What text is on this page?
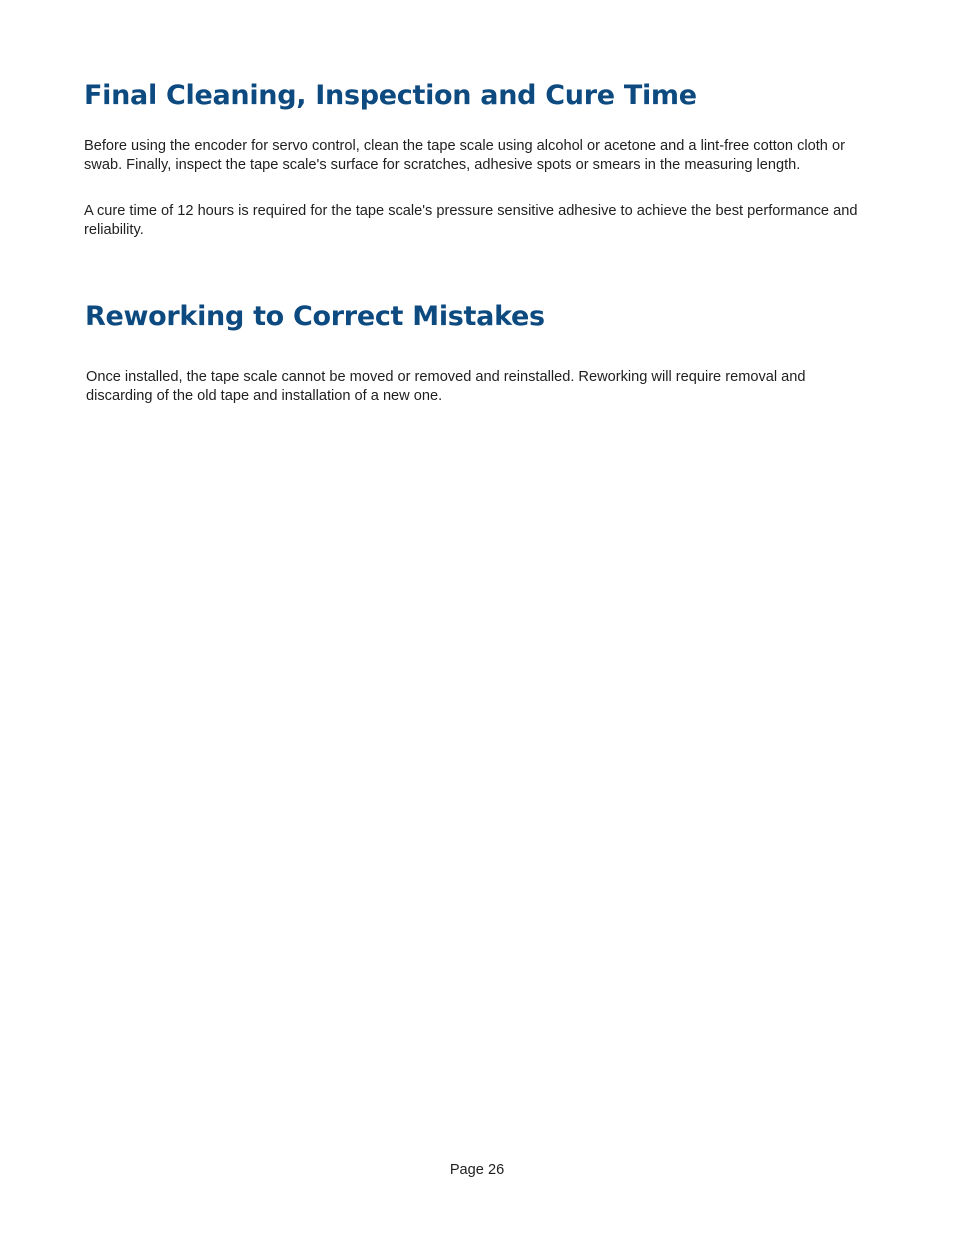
Final Cleaning, Inspection and Cure Time

Before using the encoder for servo control, clean the tape scale using alcohol or acetone and a lint-free cotton cloth or swab. Finally, inspect the tape scale's surface for scratches, adhesive spots or smears in the measuring length.

A cure time of 12 hours is required for the tape scale's pressure sensitive adhesive to achieve the best performance and reliability.

Reworking to Correct Mistakes

Once installed, the tape scale cannot be moved or removed and reinstalled. Reworking will require removal and discarding of the old tape and installation of a new one.

Page 26
